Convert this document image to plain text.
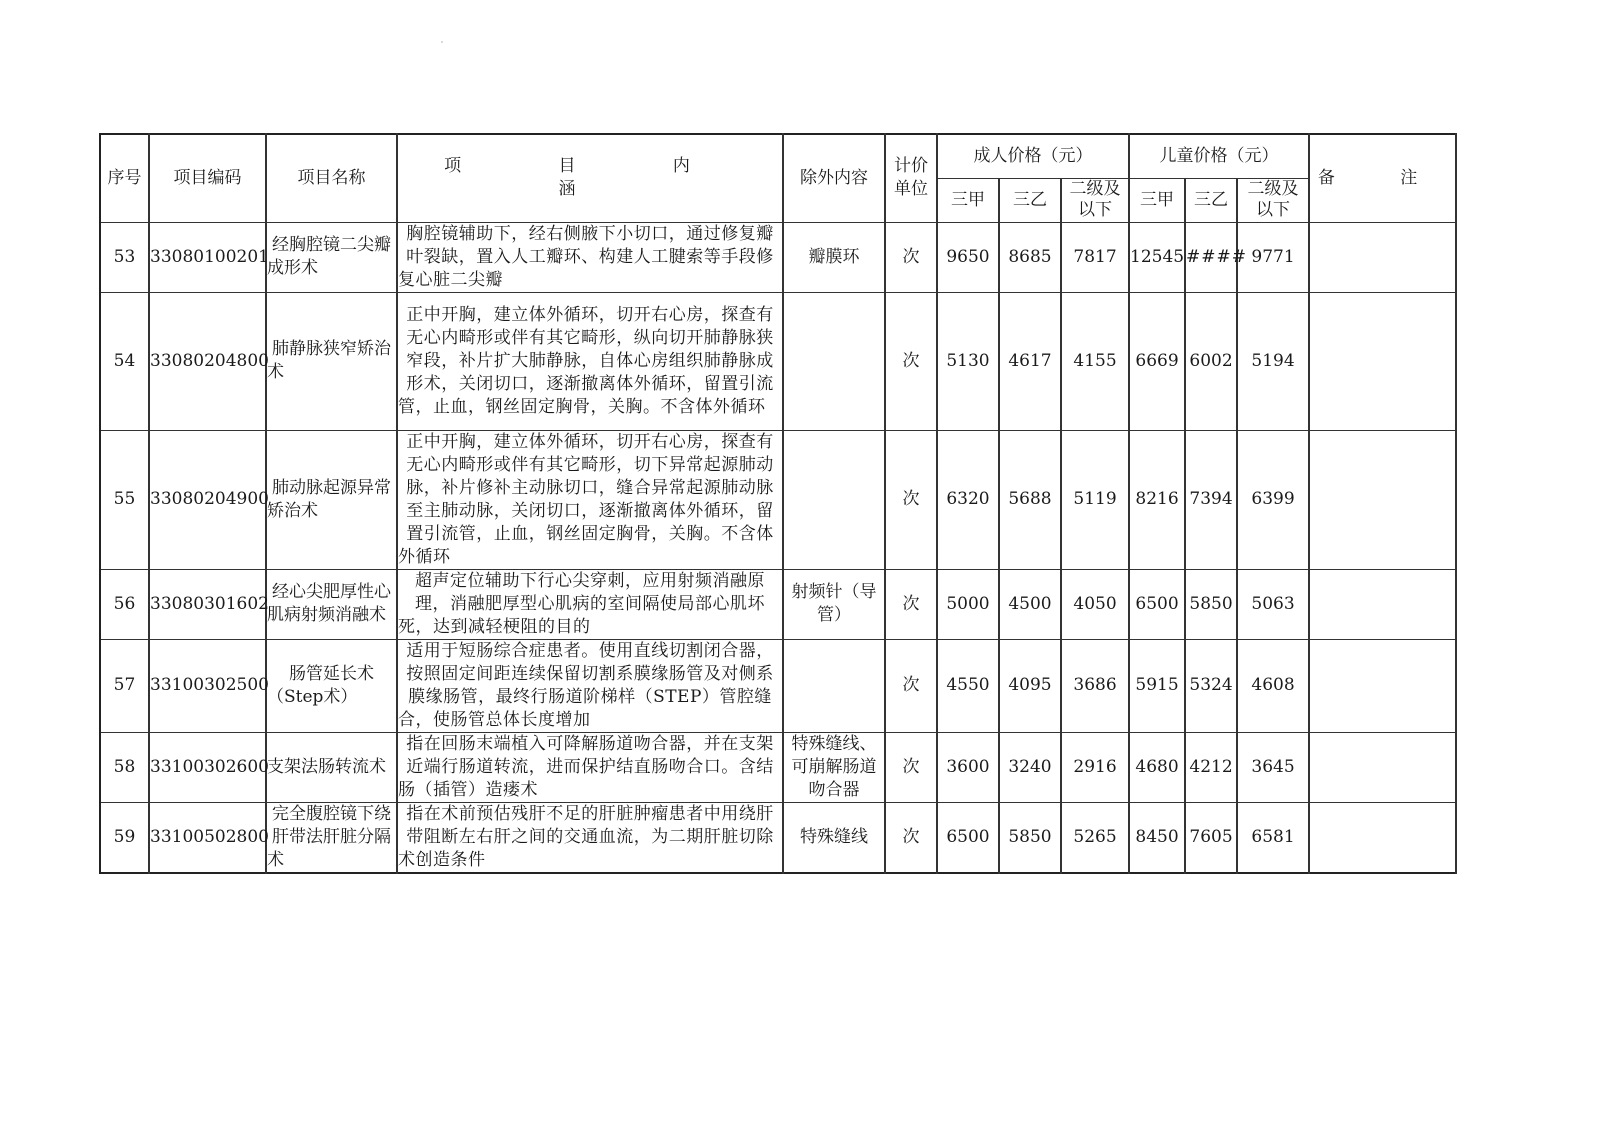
序号	项目编码	项目名称	项 目 内 涵	除外内容	计价单位	成人价格（元）			儿童价格（元）			备 注
						三甲	三乙	二级及以下	三甲	三乙	二级及以下	
53	33080100201	经胸腔镜二尖瓣成形术	胸腔镜辅助下，经右侧腋下小切口，通过修复瓣叶裂缺，置入人工瓣环、构建人工腱索等手段修复心脏二尖瓣	瓣膜环	次	9650	8685	7817	12545	####	9771	
54	33080204800	肺静脉狭窄矫治术	正中开胸，建立体外循环，切开右心房，探查有无心内畸形或伴有其它畸形，纵向切开肺静脉狭窄段，补片扩大肺静脉，自体心房组织肺静脉成形术，关闭切口，逐渐撤离体外循环，留置引流管，止血，钢丝固定胸骨，关胸。不含体外循环		次	5130	4617	4155	6669	6002	5194	
55	33080204900	肺动脉起源异常矫治术	正中开胸，建立体外循环，切开右心房，探查有无心内畸形或伴有其它畸形，切下异常起源肺动脉，补片修补主动脉切口，缝合异常起源肺动脉至主肺动脉，关闭切口，逐渐撤离体外循环，留置引流管，止血，钢丝固定胸骨，关胸。不含体外循环		次	6320	5688	5119	8216	7394	6399	
56	33080301602	经心尖肥厚性心肌病射频消融术	超声定位辅助下行心尖穿刺，应用射频消融原理，消融肥厚型心肌病的室间隔使局部心肌坏死，达到减轻梗阻的目的	射频针（导管）	次	5000	4500	4050	6500	5850	5063	
57	33100302500	肠管延长术（Step术）	适用于短肠综合症患者。使用直线切割闭合器，按照固定间距连续保留切割系膜缘肠管及对侧系膜缘肠管，最终行肠道阶梯样（STEP）管腔缝合，使肠管总体长度增加		次	4550	4095	3686	5915	5324	4608	
58	33100302600	支架法肠转流术	指在回肠末端植入可降解肠道吻合器，并在支架近端行肠道转流，进而保护结直肠吻合口。含结肠（插管）造瘘术	特殊缝线、可崩解肠道吻合器	次	3600	3240	2916	4680	4212	3645	
59	33100502800	完全腹腔镜下绕肝带法肝脏分隔术	指在术前预估残肝不足的肝脏肿瘤患者中用绕肝带阻断左右肝之间的交通血流，为二期肝脏切除术创造条件	特殊缝线	次	6500	5850	5265	8450	7605	6581	
